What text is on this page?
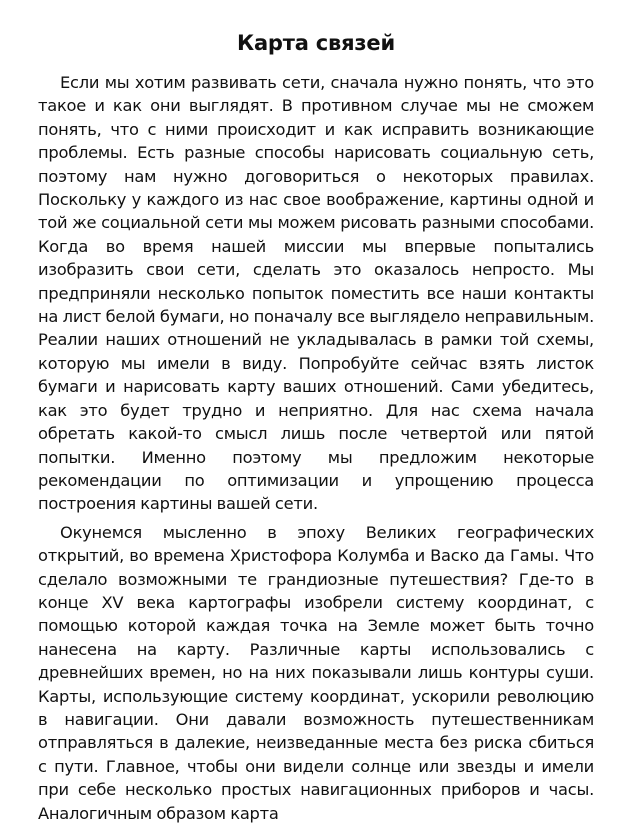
Карта связей

Если мы хотим развивать сети, сначала нужно понять, что это такое и как они выглядят. В противном случае мы не сможем понять, что с ними происходит и как исправить возникающие проблемы. Есть разные способы нарисовать социальную сеть, поэтому нам нужно договориться о некоторых правилах. Поскольку у каждого из нас свое воображение, картины одной и той же социальной сети мы можем рисовать разными способами. Когда во время нашей миссии мы впервые попытались изобразить свои сети, сделать это оказалось непросто. Мы предприняли несколько попыток поместить все наши контакты на лист белой бумаги, но поначалу все выглядело неправильным. Реалии наших отношений не укладывалась в рамки той схемы, которую мы имели в виду. Попробуйте сейчас взять листок бумаги и нарисовать карту ваших отношений. Сами убедитесь, как это будет трудно и неприятно. Для нас схема начала обретать какой-то смысл лишь после четвертой или пятой попытки. Именно поэтому мы предложим некоторые рекомендации по оптимизации и упрощению процесса построения картины вашей сети.

Окунемся мысленно в эпоху Великих географических открытий, во времена Христофора Колумба и Васко да Гамы. Что сделало возможными те грандиозные путешествия? Где-то в конце XV века картографы изобрели систему координат, с помощью которой каждая точка на Земле может быть точно нанесена на карту. Различные карты использовались с древнейших времен, но на них показывали лишь контуры суши. Карты, использующие систему координат, ускорили революцию в навигации. Они давали возможность путешественникам отправляться в далекие, неизведанные места без риска сбиться с пути. Главное, чтобы они видели солнце или звезды и имели при себе несколько простых навигационных приборов и часы. Аналогичным образом карта
